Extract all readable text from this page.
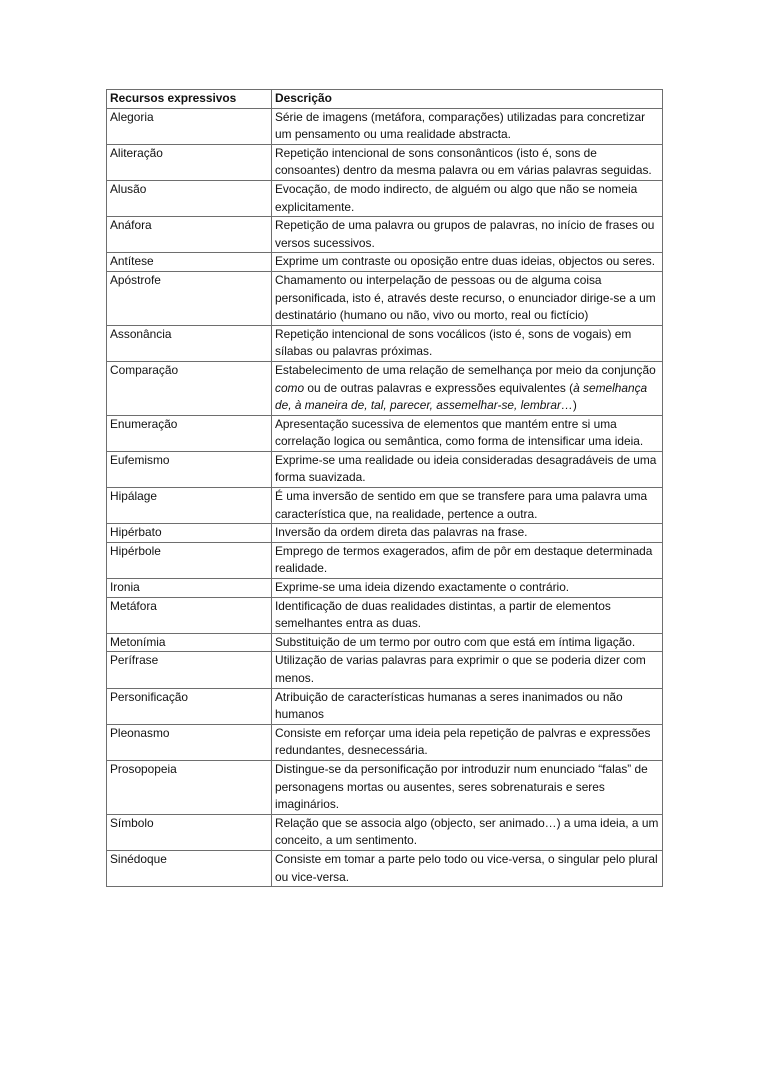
Recursos expressivos	Descrição
Alegoria	Série de imagens (metáfora, comparações) utilizadas para concretizar um pensamento ou uma realidade abstracta.
Aliteração	Repetição intencional de sons consonânticos (isto é, sons de consoantes) dentro da mesma palavra ou em várias palavras seguidas.
Alusão	Evocação, de modo indirecto, de alguém ou algo que não se nomeia explicitamente.
Anáfora	Repetição de uma palavra ou grupos de palavras, no início de frases ou versos sucessivos.
Antítese	Exprime um contraste ou oposição entre duas ideias, objectos ou seres.
Apóstrofe	Chamamento ou interpelação de pessoas ou de alguma coisa personificada, isto é, através deste recurso, o enunciador dirige-se a um destinatário (humano ou não, vivo ou morto, real ou fictício)
Assonância	Repetição intencional de sons vocálicos (isto é, sons de vogais) em sílabas ou palavras próximas.
Comparação	Estabelecimento de uma relação de semelhança por meio da conjunção como ou de outras palavras e expressões equivalentes (à semelhança de, à maneira de, tal, parecer, assemelhar-se, lembrar…)
Enumeração	Apresentação sucessiva de elementos que mantém entre si uma correlação logica ou semântica, como forma de intensificar uma ideia.
Eufemismo	Exprime-se uma realidade ou ideia consideradas desagradáveis de uma forma suavizada.
Hipálage	É uma inversão de sentido em que se transfere para uma palavra uma característica que, na realidade, pertence a outra.
Hipérbato	Inversão da ordem direta das palavras na frase.
Hipérbole	Emprego de termos exagerados, afim de pôr em destaque determinada realidade.
Ironia	Exprime-se uma ideia dizendo exactamente o contrário.
Metáfora	Identificação de duas realidades distintas, a partir de elementos semelhantes entra as duas.
Metonímia	Substituição de um termo por outro com que está em íntima ligação.
Perífrase	Utilização de varias palavras para exprimir o que se poderia dizer com menos.
Personificação	Atribuição de características humanas a seres inanimados ou não humanos
Pleonasmo	Consiste em reforçar uma ideia pela repetição de palvras e expressões redundantes, desnecessária.
Prosopopeia	Distingue-se da personificação por introduzir num enunciado “falas” de personagens mortas ou ausentes, seres sobrenaturais e seres imaginários.
Símbolo	Relação que se associa algo (objecto, ser animado…) a uma ideia, a um conceito, a um sentimento.
Sinédoque	Consiste em tomar a parte pelo todo ou vice-versa, o singular pelo plural ou vice-versa.
